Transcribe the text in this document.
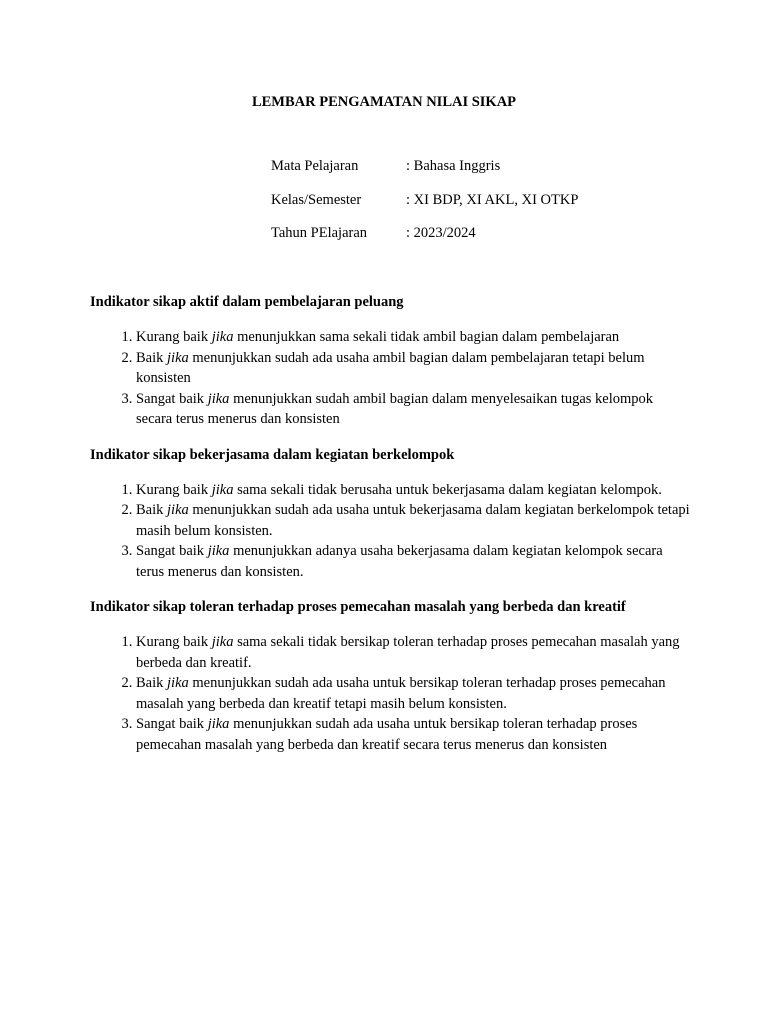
LEMBAR PENGAMATAN NILAI SIKAP
Mata Pelajaran	: Bahasa Inggris
Kelas/Semester	: XI BDP, XI AKL, XI OTKP
Tahun PElajaran	: 2023/2024

Indikator sikap aktif dalam pembelajaran peluang

1. Kurang baik jika menunjukkan sama sekali tidak ambil bagian dalam pembelajaran
2. Baik jika menunjukkan sudah ada usaha ambil bagian dalam pembelajaran tetapi belum konsisten
3. Sangat baik jika menunjukkan sudah ambil bagian dalam menyelesaikan tugas kelompok secara terus menerus dan konsisten

Indikator sikap bekerjasama dalam kegiatan berkelompok

1. Kurang baik jika sama sekali tidak berusaha untuk bekerjasama dalam kegiatan kelompok.
2. Baik jika menunjukkan sudah ada usaha untuk bekerjasama dalam kegiatan berkelompok tetapi masih belum konsisten.
3. Sangat baik jika menunjukkan adanya usaha bekerjasama dalam kegiatan kelompok secara terus menerus dan konsisten.

Indikator sikap toleran terhadap proses pemecahan masalah yang berbeda dan kreatif

1. Kurang baik jika sama sekali tidak bersikap toleran terhadap proses pemecahan masalah yang berbeda dan kreatif.
2. Baik jika menunjukkan sudah ada usaha untuk bersikap toleran terhadap proses pemecahan masalah yang berbeda dan kreatif tetapi masih belum konsisten.
3. Sangat baik jika menunjukkan sudah ada usaha untuk bersikap toleran terhadap proses pemecahan masalah yang berbeda dan kreatif secara terus menerus dan konsisten
